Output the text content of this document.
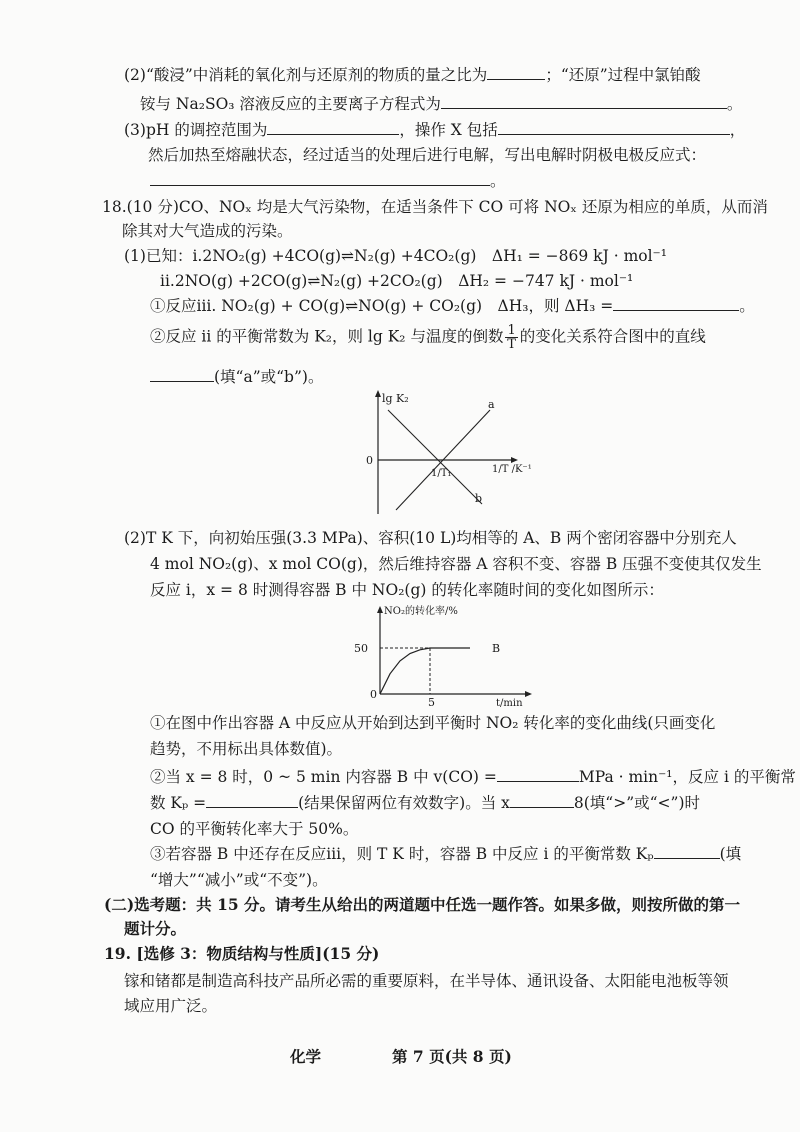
(2)“酸浸”中消耗的氧化剂与还原剂的物质的量之比为	；“还原”过程中氯铂酸
铵与 Na₂SO₃ 溶液反应的主要离子方程式为	。
(3)pH 的调控范围为	，操作 X 包括	，
然后加热至熔融状态，经过适当的处理后进行电解，写出电解时阴极电极反应式：
。
18.(10 分)CO、NOₓ 均是大气污染物，在适当条件下 CO 可将 NOₓ 还原为相应的单质，从而消
除其对大气造成的污染。
(1)已知：ⅰ.2NO₂(g) +4CO(g)⇌N₂(g) +4CO₂(g)　ΔH₁ = −869 kJ · mol⁻¹
ⅱ.2NO(g) +2CO(g)⇌N₂(g) +2CO₂(g)　ΔH₂ = −747 kJ · mol⁻¹
①反应ⅲ. NO₂(g) + CO(g)⇌NO(g) + CO₂(g)　ΔH₃，则 ΔH₃ =	。
②反应 ⅱ 的平衡常数为 K₂，则 lg K₂ 与温度的倒数 $\frac{1}{T}$ 的变化关系符合图中的直线
(填“a”或“b”)。
lg K₂
0
a
b
1/T₁	1/T /K⁻¹
(2)T K 下，向初始压强(3.3 MPa)、容积(10 L)均相等的 A、B 两个密闭容器中分别充人
4 mol NO₂(g)、x mol CO(g)，然后维持容器 A 容积不变、容器 B 压强不变使其仅发生
反应 ⅰ，x = 8 时测得容器 B 中 NO₂(g) 的转化率随时间的变化如图所示：
NO₂的转化率/%
0
50
5	t/min
B
①在图中作出容器 A 中反应从开始到达到平衡时 NO₂ 转化率的变化曲线(只画变化
趋势，不用标出具体数值)。
②当 x = 8 时，0 ~ 5 min 内容器 B 中 v(CO) =	MPa · min⁻¹，反应 ⅰ 的平衡常
数 Kₚ =	(结果保留两位有效数字)。当 x	8(填“>”或“<”)时
CO 的平衡转化率大于 50%。
③若容器 B 中还存在反应ⅲ，则 T K 时，容器 B 中反应 ⅰ 的平衡常数 Kₚ	(填
“增大”“减小”或“不变”)。
(二)选考题：共 15 分。请考生从给出的两道题中任选一题作答。如果多做，则按所做的第一
题计分。
19. [选修 3：物质结构与性质](15 分)
镓和锗都是制造高科技产品所必需的重要原料，在半导体、通讯设备、太阳能电池板等领
域应用广泛。
化学	第 7 页(共 8 页)
